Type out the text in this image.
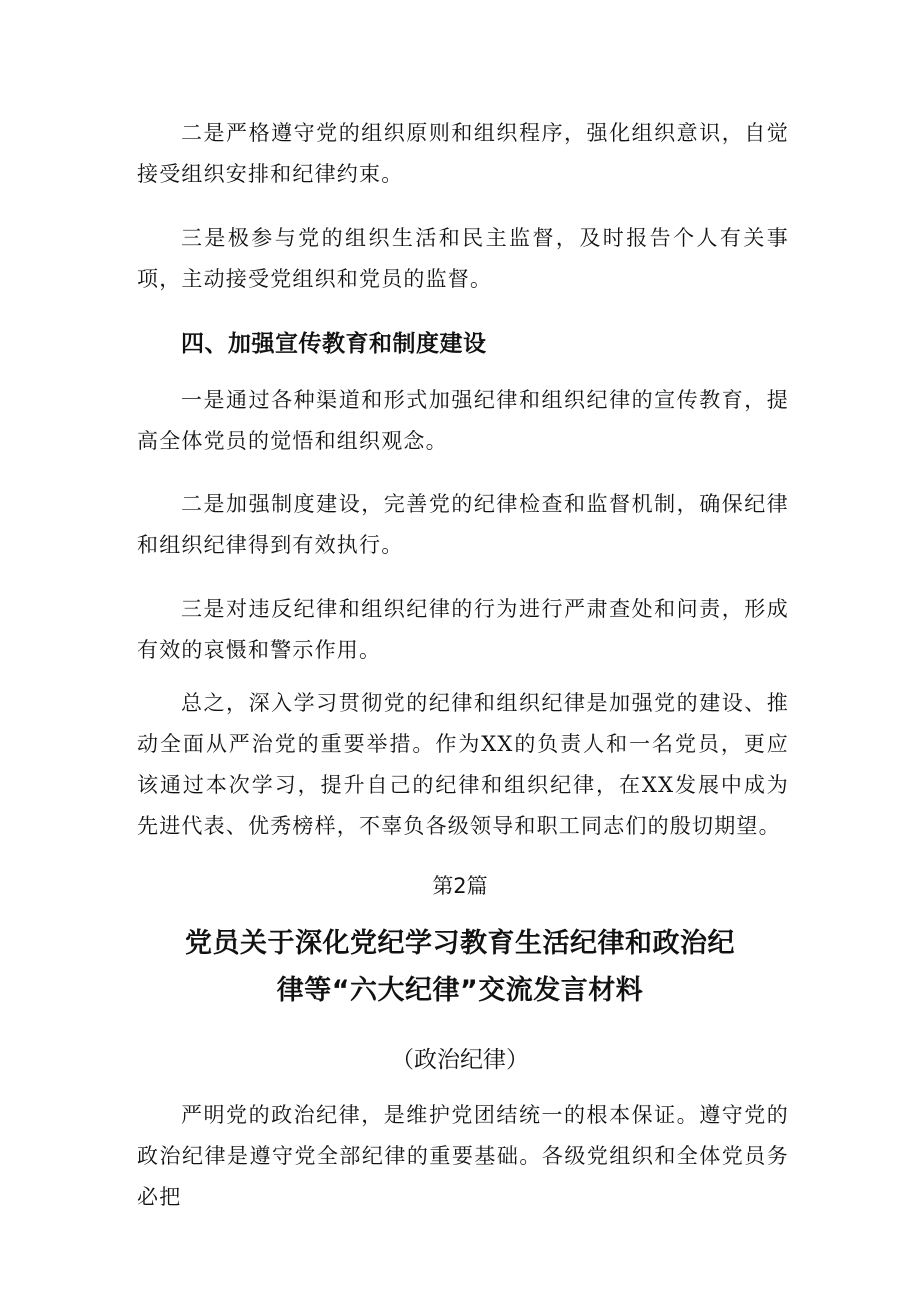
二是严格遵守党的组织原则和组织程序，强化组织意识，自觉接受组织安排和纪律约束。

三是极参与党的组织生活和民主监督，及时报告个人有关事项，主动接受党组织和党员的监督。

四、加强宣传教育和制度建设

一是通过各种渠道和形式加强纪律和组织纪律的宣传教育，提高全体党员的觉悟和组织观念。

二是加强制度建设，完善党的纪律检查和监督机制，确保纪律和组织纪律得到有效执行。

三是对违反纪律和组织纪律的行为进行严肃查处和问责，形成有效的哀慑和警示作用。

总之，深入学习贯彻党的纪律和组织纪律是加强党的建设、推动全面从严治党的重要举措。作为XX的负责人和一名党员，更应该通过本次学习，提升自己的纪律和组织纪律，在XX发展中成为先进代表、优秀榜样，不辜负各级领导和职工同志们的殷切期望。

第2篇

党员关于深化党纪学习教育生活纪律和政治纪
律等“六大纪律”交流发言材料

（政治纪律）

严明党的政治纪律，是维护党团结统一的根本保证。遵守党的政治纪律是遵守党全部纪律的重要基础。各级党组织和全体党员务必把
